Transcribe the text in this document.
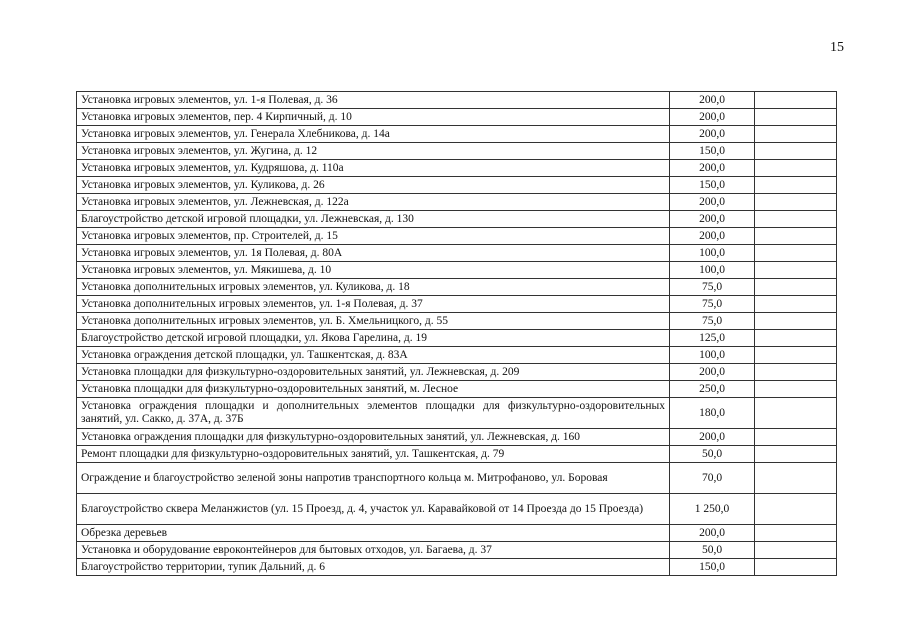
15
Установка игровых элементов, ул. 1-я Полевая, д. 36	200,0	
Установка игровых элементов, пер. 4 Кирпичный, д. 10	200,0	
Установка игровых элементов, ул. Генерала Хлебникова, д. 14а	200,0	
Установка игровых элементов, ул. Жугина, д. 12	150,0	
Установка игровых элементов, ул. Кудряшова, д. 110а	200,0	
Установка игровых элементов, ул. Куликова, д. 26	150,0	
Установка игровых элементов, ул. Лежневская, д. 122а	200,0	
Благоустройство детской игровой площадки, ул. Лежневская, д. 130	200,0	
Установка игровых элементов, пр. Строителей, д. 15	200,0	
Установка игровых элементов, ул. 1я Полевая, д. 80А	100,0	
Установка игровых элементов, ул. Мякишева, д. 10	100,0	
Установка дополнительных игровых элементов, ул. Куликова, д. 18	75,0	
Установка дополнительных игровых элементов, ул. 1-я Полевая, д. 37	75,0	
Установка дополнительных игровых элементов, ул. Б. Хмельницкого, д. 55	75,0	
Благоустройство детской игровой площадки, ул. Якова Гарелина, д. 19	125,0	
Установка ограждения детской площадки, ул. Ташкентская, д. 83А	100,0	
Установка площадки для физкультурно-оздоровительных занятий, ул. Лежневская, д. 209	200,0	
Установка площадки для физкультурно-оздоровительных занятий, м. Лесное	250,0	
Установка ограждения площадки и дополнительных элементов площадки для физкультурно-оздоровительных занятий, ул. Сакко, д. 37А, д. 37Б	180,0	
Установка ограждения площадки для физкультурно-оздоровительных занятий, ул. Лежневская, д. 160	200,0	
Ремонт площадки для физкультурно-оздоровительных занятий, ул. Ташкентская, д. 79	50,0	
Ограждение и благоустройство зеленой зоны напротив транспортного кольца м. Митрофаново, ул. Боровая	70,0	
Благоустройство сквера Меланжистов (ул. 15 Проезд, д. 4, участок ул. Каравайковой от 14 Проезда до 15 Проезда)	1 250,0	
Обрезка деревьев	200,0	
Установка и оборудование евроконтейнеров для бытовых отходов, ул. Багаева, д. 37	50,0	
Благоустройство территории, тупик Дальний, д. 6	150,0	
